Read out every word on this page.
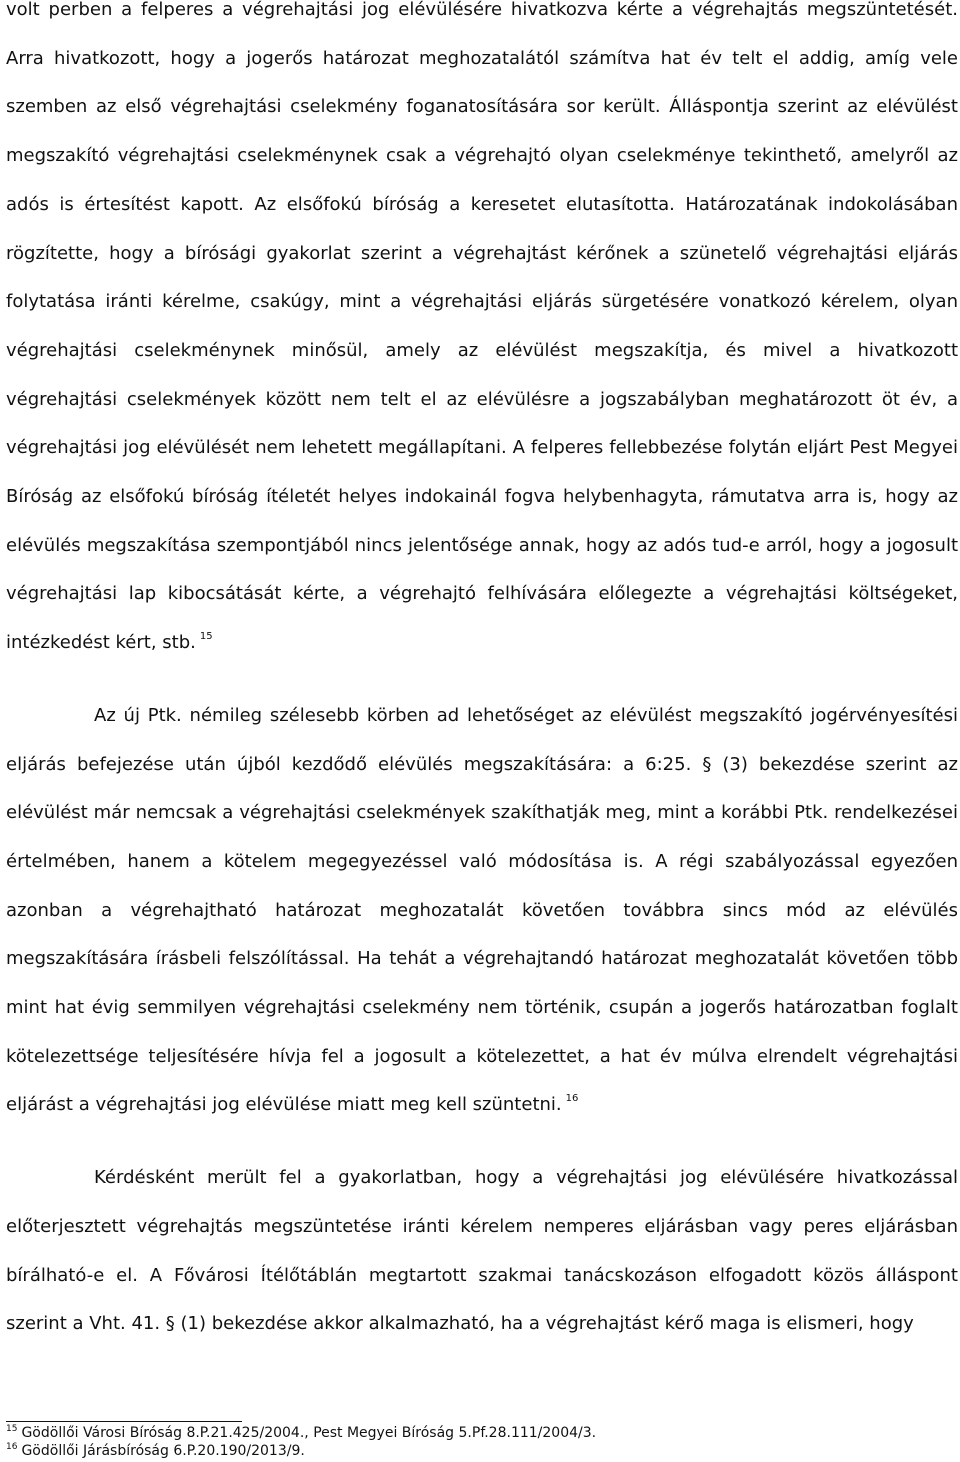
volt perben a felperes a végrehajtási jog elévülésére hivatkozva kérte a végrehajtás megszüntetését. Arra hivatkozott, hogy a jogerős határozat meghozatalától számítva hat év telt el addig, amíg vele szemben az első végrehajtási cselekmény foganatosítására sor került. Álláspontja szerint az elévülést megszakító végrehajtási cselekménynek csak a végrehajtó olyan cselekménye tekinthető, amelyről az adós is értesítést kapott. Az elsőfokú bíróság a keresetet elutasította. Határozatának indokolásában rögzítette, hogy a bírósági gyakorlat szerint a végrehajtást kérőnek a szünetelő végrehajtási eljárás folytatása iránti kérelme, csakúgy, mint a végrehajtási eljárás sürgetésére vonatkozó kérelem, olyan végrehajtási cselekménynek minősül, amely az elévülést megszakítja, és mivel a hivatkozott végrehajtási cselekmények között nem telt el az elévülésre a jogszabályban meghatározott öt év, a végrehajtási jog elévülését nem lehetett megállapítani. A felperes fellebbezése folytán eljárt Pest Megyei Bíróság az elsőfokú bíróság ítéletét helyes indokainál fogva helybenhagyta, rámutatva arra is, hogy az elévülés megszakítása szempontjából nincs jelentősége annak, hogy az adós tud-e arról, hogy a jogosult végrehajtási lap kibocsátását kérte, a végrehajtó felhívására előlegezte a végrehajtási költségeket, intézkedést kért, stb. $^{15}$

Az új Ptk. némileg szélesebb körben ad lehetőséget az elévülést megszakító jogérvényesítési eljárás befejezése után újból kezdődő elévülés megszakítására: a 6:25. § (3) bekezdése szerint az elévülést már nemcsak a végrehajtási cselekmények szakíthatják meg, mint a korábbi Ptk. rendelkezései értelmében, hanem a kötelem megegyezéssel való módosítása is. A régi szabályozással egyezően azonban a végrehajtható határozat meghozatalát követően továbbra sincs mód az elévülés megszakítására írásbeli felszólítással. Ha tehát a végrehajtandó határozat meghozatalát követően több mint hat évig semmilyen végrehajtási cselekmény nem történik, csupán a jogerős határozatban foglalt kötelezettsége teljesítésére hívja fel a jogosult a kötelezettet, a hat év múlva elrendelt végrehajtási eljárást a végrehajtási jog elévülése miatt meg kell szüntetni. $^{16}$

Kérdésként merült fel a gyakorlatban, hogy a végrehajtási jog elévülésére hivatkozással előterjesztett végrehajtás megszüntetése iránti kérelem nemperes eljárásban vagy peres eljárásban bírálható-e el. A Fővárosi Ítélőtáblán megtartott szakmai tanácskozáson elfogadott közös álláspont szerint a Vht. 41. § (1) bekezdése akkor alkalmazható, ha a végrehajtást kérő maga is elismeri, hogy

$^{15}$ Gödöllői Városi Bíróság 8.P.21.425/2004., Pest Megyei Bíróság 5.Pf.28.111/2004/3.
$^{16}$ Gödöllői Járásbíróság 6.P.20.190/2013/9.
